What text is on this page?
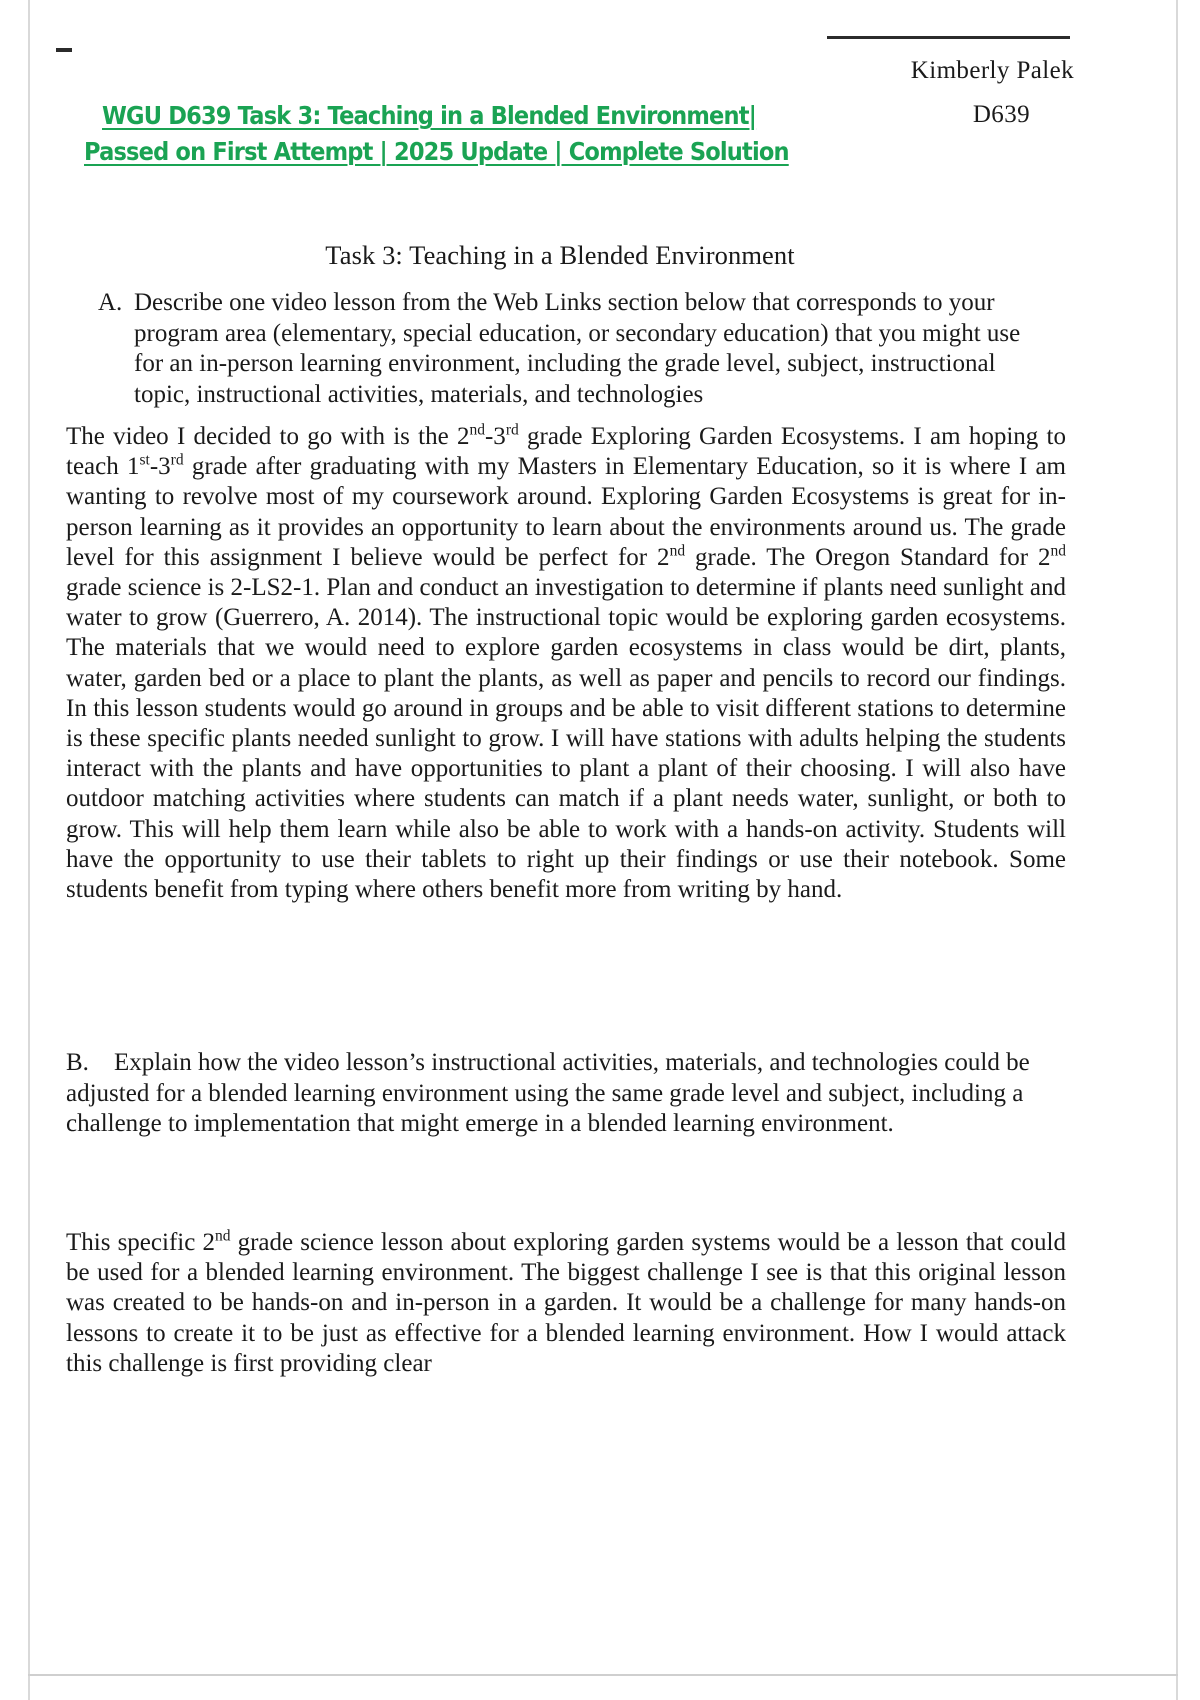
Kimberly Palek
D639
WGU D639 Task 3: Teaching in a Blended Environment|
Passed on First Attempt | 2025 Update | Complete Solution
Task 3: Teaching in a Blended Environment
A. Describe one video lesson from the Web Links section below that corresponds to your program area (elementary, special education, or secondary education) that you might use for an in-person learning environment, including the grade level, subject, instructional topic, instructional activities, materials, and technologies
The video I decided to go with is the 2nd-3rd grade Exploring Garden Ecosystems. I am hoping to teach 1st-3rd grade after graduating with my Masters in Elementary Education, so it is where I am wanting to revolve most of my coursework around. Exploring Garden Ecosystems is great for in-person learning as it provides an opportunity to learn about the environments around us. The grade level for this assignment I believe would be perfect for 2nd grade. The Oregon Standard for 2nd grade science is 2-LS2-1. Plan and conduct an investigation to determine if plants need sunlight and water to grow (Guerrero, A. 2014). The instructional topic would be exploring garden ecosystems. The materials that we would need to explore garden ecosystems in class would be dirt, plants, water, garden bed or a place to plant the plants, as well as paper and pencils to record our findings. In this lesson students would go around in groups and be able to visit different stations to determine is these specific plants needed sunlight to grow. I will have stations with adults helping the students interact with the plants and have opportunities to plant a plant of their choosing. I will also have outdoor matching activities where students can match if a plant needs water, sunlight, or both to grow. This will help them learn while also be able to work with a hands-on activity. Students will have the opportunity to use their tablets to right up their findings or use their notebook. Some students benefit from typing where others benefit more from writing by hand.
B. Explain how the video lesson’s instructional activities, materials, and technologies could be adjusted for a blended learning environment using the same grade level and subject, including a challenge to implementation that might emerge in a blended learning environment.
This specific 2nd grade science lesson about exploring garden systems would be a lesson that could be used for a blended learning environment. The biggest challenge I see is that this original lesson was created to be hands-on and in-person in a garden. It would be a challenge for many hands-on lessons to create it to be just as effective for a blended learning environment. How I would attack this challenge is first providing clear
